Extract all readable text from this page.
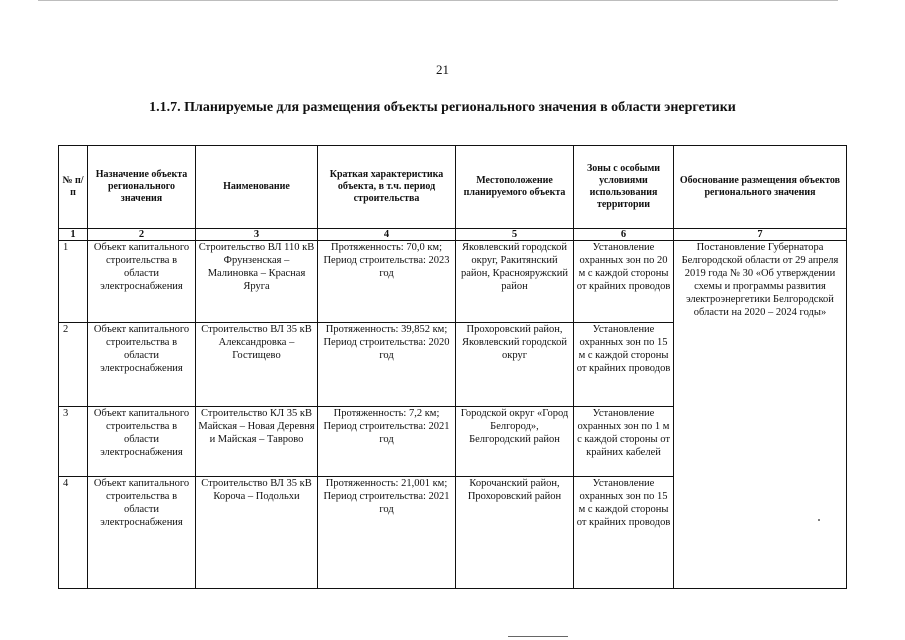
21
1.1.7. Планируемые для размещения объекты регионального значения в области энергетики
№ п/п	Назначение объекта регионального значения	Наименование	Краткая характеристика объекта, в т.ч. период строительства	Местоположение планируемого объекта	Зоны с особыми условиями использования территории	Обоснование размещения объектов регионального значения
1	2	3	4	5	6	7
1	Объект капитального строительства в области электроснабжения	Строительство ВЛ 110 кВ Фрунзенская – Малиновка – Красная Яруга	Протяженность: 70,0 км; Период строительства: 2023 год	Яковлевский городской округ, Ракитянский район, Краснояружский район	Установление охранных зон по 20 м с каждой стороны от крайних проводов	Постановление Губернатора Белгородской области от 29 апреля 2019 года № 30 «Об утверждении схемы и программы развития электроэнергетики Белгородской области на 2020 – 2024 годы»
2	Объект капитального строительства в области электроснабжения	Строительство ВЛ 35 кВ Александровка – Гостищево	Протяженность: 39,852 км; Период строительства: 2020 год	Прохоровский район, Яковлевский городской округ	Установление охранных зон по 15 м с каждой стороны от крайних проводов	
3	Объект капитального строительства в области электроснабжения	Строительство КЛ 35 кВ Майская – Новая Деревня и Майская – Таврово	Протяженность: 7,2 км; Период строительства: 2021 год	Городской округ «Город Белгород», Белгородский район	Установление охранных зон по 1 м с каждой стороны от крайних кабелей	
4	Объект капитального строительства в области электроснабжения	Строительство ВЛ 35 кВ Короча – Подольхи	Протяженность: 21,001 км; Период строительства: 2021 год	Корочанский район, Прохоровский район	Установление охранных зон по 15 м с каждой стороны от крайних проводов	
